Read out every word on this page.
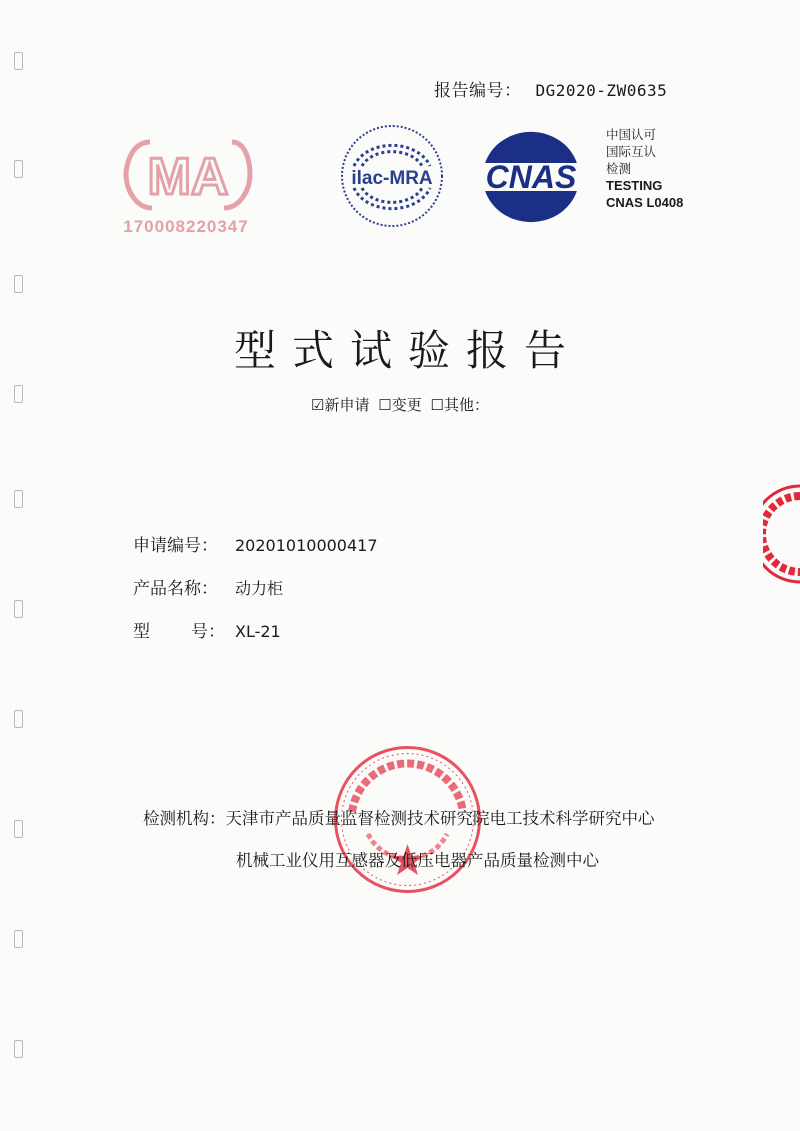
报告编号： DG2020-ZW0635
MA
170008220347
ilac-MRA CNAS
中国认可
国际互认
检测
TESTING
CNAS L0408
型式试验报告
☑新申请 ☐变更 ☐其他：
申请编号： 20201010000417
产品名称： 动力柜
型 号： XL-21
检测机构：天津市产品质量监督检测技术研究院电工技术科学研究中心
机械工业仪用互感器及低压电器产品质量检测中心
